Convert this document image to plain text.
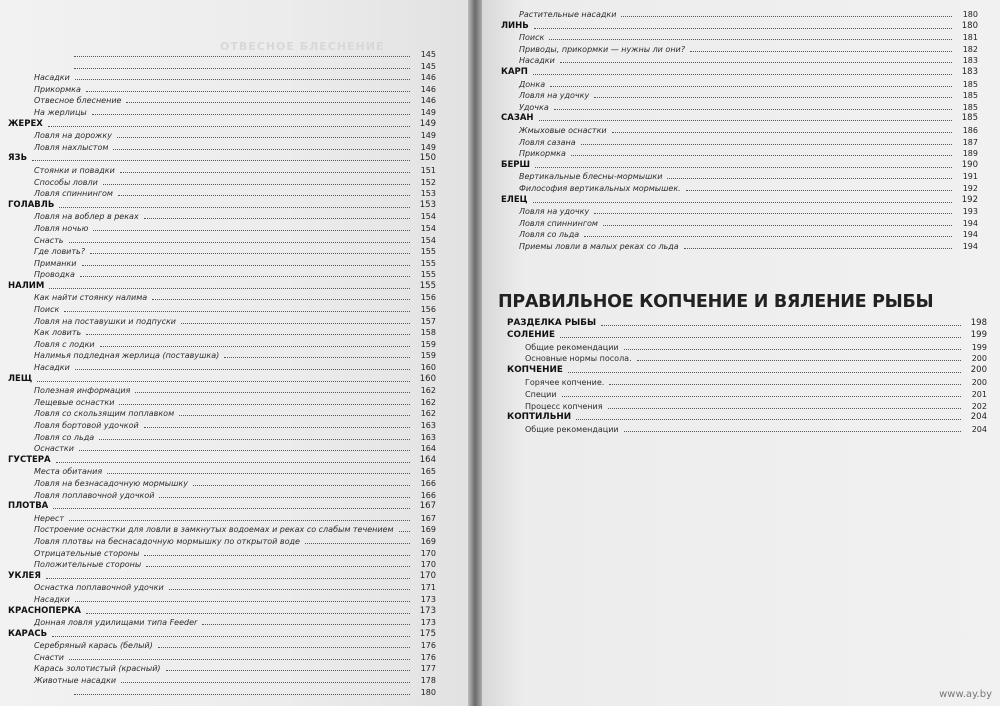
ОТВЕСНОЕ БЛЕСНЕНИЕ
145
145
Насадки	146
Прикормка	146
Отвесное блеснение	146
На жерлицы	149
ЖЕРЕХ	149
Ловля на дорожку	149
Ловля нахлыстом	149
ЯЗЬ	150
Стоянки и повадки	151
Способы ловли	152
Ловля спиннингом	153
ГОЛАВЛЬ	153
Ловля на воблер в реках	154
Ловля ночью	154
Снасть	154
Где ловить?	155
Приманки	155
Проводка	155
НАЛИМ	155
Как найти стоянку налима	156
Поиск	156
Ловля на поставушки и подпуски	157
Как ловить	158
Ловля с лодки	159
Налимья подледная жерлица (поставушка)	159
Насадки	160
ЛЕЩ	160
Полезная информация	162
Лещевые оснастки	162
Ловля со скользящим поплавком	162
Ловля бортовой удочкой	163
Ловля со льда	163
Оснастки	164
ГУСТЕРА	164
Места обитания	165
Ловля на безнасадочную мормышку	166
Ловля поплавочной удочкой	166
ПЛОТВА	167
Нерест	167
Построение оснастки для ловли в замкнутых водоемах и реках со слабым течением	169
Ловля плотвы на беснасадочную мормышку по открытой воде	169
Отрицательные стороны	170
Положительные стороны	170
УКЛЕЯ	170
Оснастка поплавочной удочки	171
Насадки	173
КРАСНОПЕРКА	173
Донная ловля удилищами типа Feeder	173
КАРАСЬ	175
Серебряный карась (белый)	176
Снасти	176
Карась золотистый (красный)	177
Животные насадки	178
180
Растительные насадки	180
ЛИНЬ	180
Поиск	181
Приводы, прикормки — нужны ли они?	182
Насадки	183
КАРП	183
Донка	185
Ловля на удочку	185
Удочка	185
САЗАН	185
Жмыховые оснастки	186
Ловля сазана	187
Прикормка	189
БЕРШ	190
Вертикальные блесны-мормышки	191
Философия вертикальных мормышек.	192
ЕЛЕЦ	192
Ловля на удочку	193
Ловля спиннингом	194
Ловля со льда	194
Приемы ловли в малых реках со льда	194
ПРАВИЛЬНОЕ КОПЧЕНИЕ И ВЯЛЕНИЕ РЫБЫ
РАЗДЕЛКА РЫБЫ	198
СОЛЕНИЕ	199
Общие рекомендации	199
Основные нормы посола.	200
КОПЧЕНИЕ	200
Горячее копчение.	200
Специи	201
Процесс копчения	202
КОПТИЛЬНИ	204
Общие рекомендации	204
www.ay.by
